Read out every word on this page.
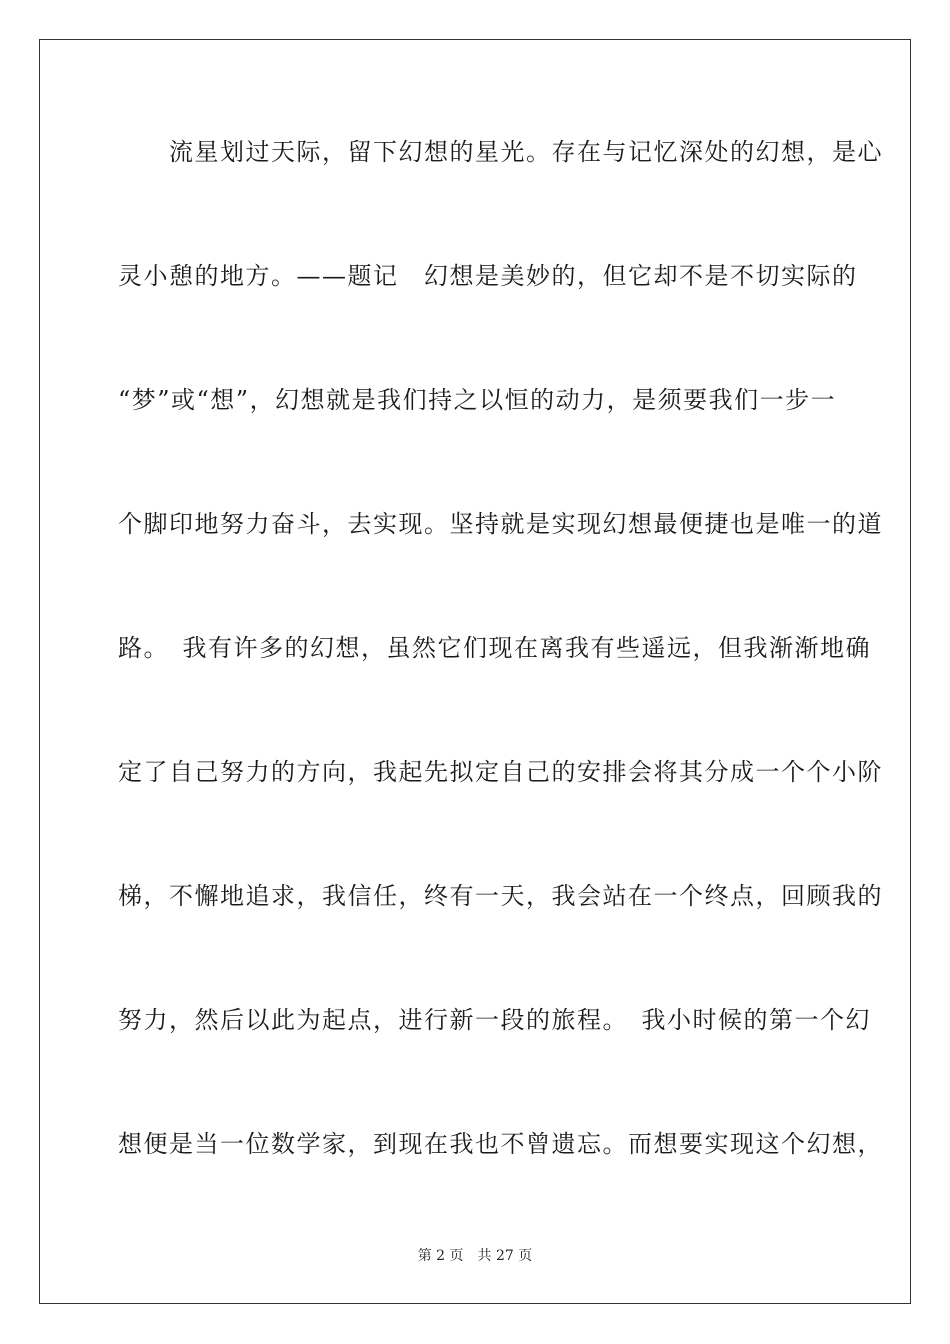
　　流星划过天际，留下幻想的星光。存在与记忆深处的幻想，是心
灵小憩的地方。——题记　幻想是美妙的，但它却不是不切实际的
“梦”或“想”，幻想就是我们持之以恒的动力，是须要我们一步一
个脚印地努力奋斗，去实现。坚持就是实现幻想最便捷也是唯一的道
路。　我有许多的幻想，虽然它们现在离我有些遥远，但我渐渐地确
定了自己努力的方向，我起先拟定自己的安排会将其分成一个个小阶
梯，不懈地追求，我信任，终有一天，我会站在一个终点，回顾我的
努力，然后以此为起点，进行新一段的旅程。　我小时候的第一个幻
想便是当一位数学家，到现在我也不曾遗忘。而想要实现这个幻想，
第 2 页　共 27 页
